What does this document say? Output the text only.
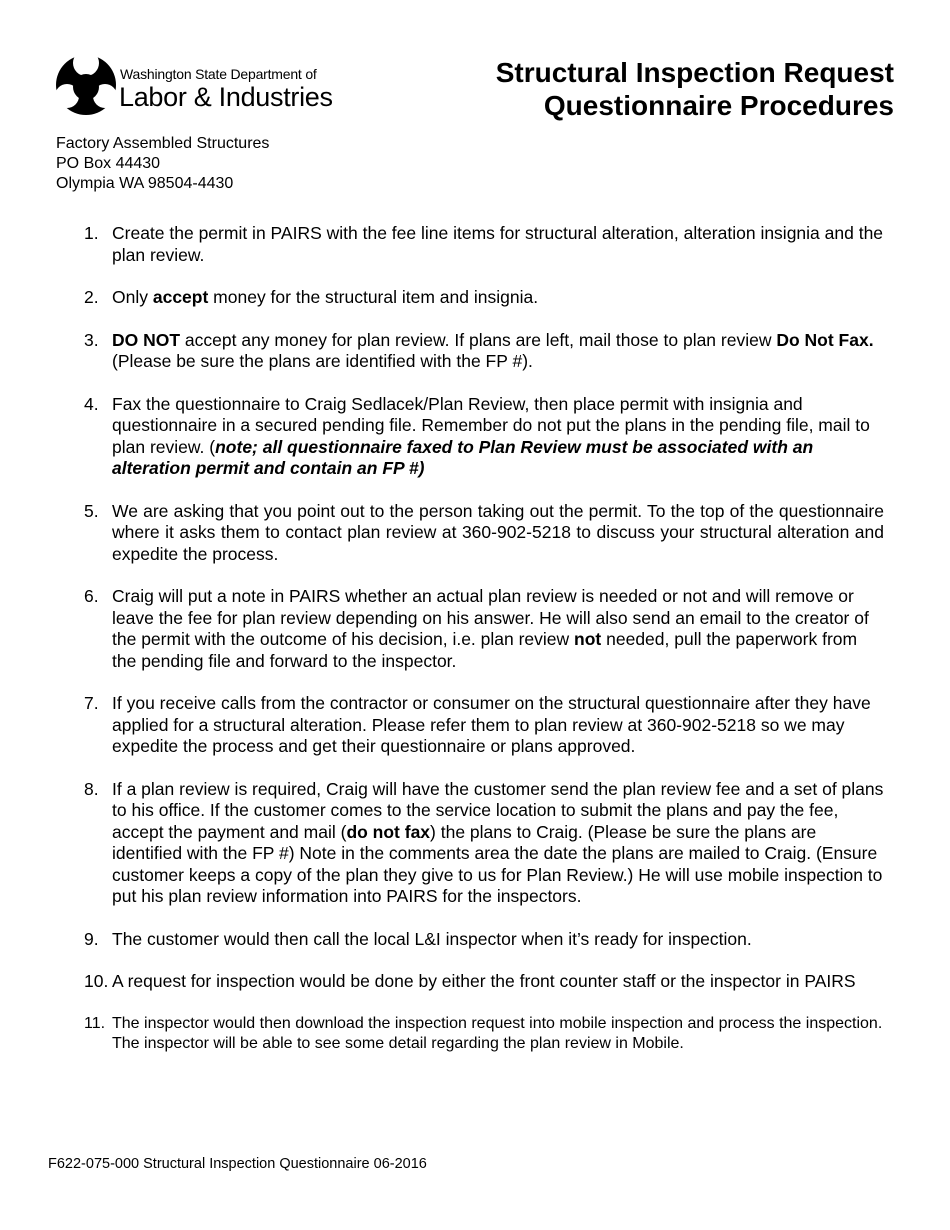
Washington State Department of
Labor & Industries
Structural Inspection Request
Questionnaire Procedures
Factory Assembled Structures
PO Box 44430
Olympia WA 98504-4430
1. Create the permit in PAIRS with the fee line items for structural alteration, alteration insignia and the plan review.
2. Only accept money for the structural item and insignia.
3. DO NOT accept any money for plan review. If plans are left, mail those to plan review Do Not Fax. (Please be sure the plans are identified with the FP #).
4. Fax the questionnaire to Craig Sedlacek/Plan Review, then place permit with insignia and questionnaire in a secured pending file. Remember do not put the plans in the pending file, mail to plan review. (note; all questionnaire faxed to Plan Review must be associated with an alteration permit and contain an FP #)
5. We are asking that you point out to the person taking out the permit. To the top of the questionnaire where it asks them to contact plan review at 360-902-5218 to discuss your structural alteration and expedite the process.
6. Craig will put a note in PAIRS whether an actual plan review is needed or not and will remove or leave the fee for plan review depending on his answer. He will also send an email to the creator of the permit with the outcome of his decision, i.e. plan review not needed, pull the paperwork from the pending file and forward to the inspector.
7. If you receive calls from the contractor or consumer on the structural questionnaire after they have applied for a structural alteration. Please refer them to plan review at 360-902-5218 so we may expedite the process and get their questionnaire or plans approved.
8. If a plan review is required, Craig will have the customer send the plan review fee and a set of plans to his office. If the customer comes to the service location to submit the plans and pay the fee, accept the payment and mail (do not fax) the plans to Craig. (Please be sure the plans are identified with the FP #) Note in the comments area the date the plans are mailed to Craig. (Ensure customer keeps a copy of the plan they give to us for Plan Review.) He will use mobile inspection to put his plan review information into PAIRS for the inspectors.
9. The customer would then call the local L&I inspector when it’s ready for inspection.
10. A request for inspection would be done by either the front counter staff or the inspector in PAIRS
11. The inspector would then download the inspection request into mobile inspection and process the inspection. The inspector will be able to see some detail regarding the plan review in Mobile.
F622-075-000 Structural Inspection Questionnaire 06-2016
